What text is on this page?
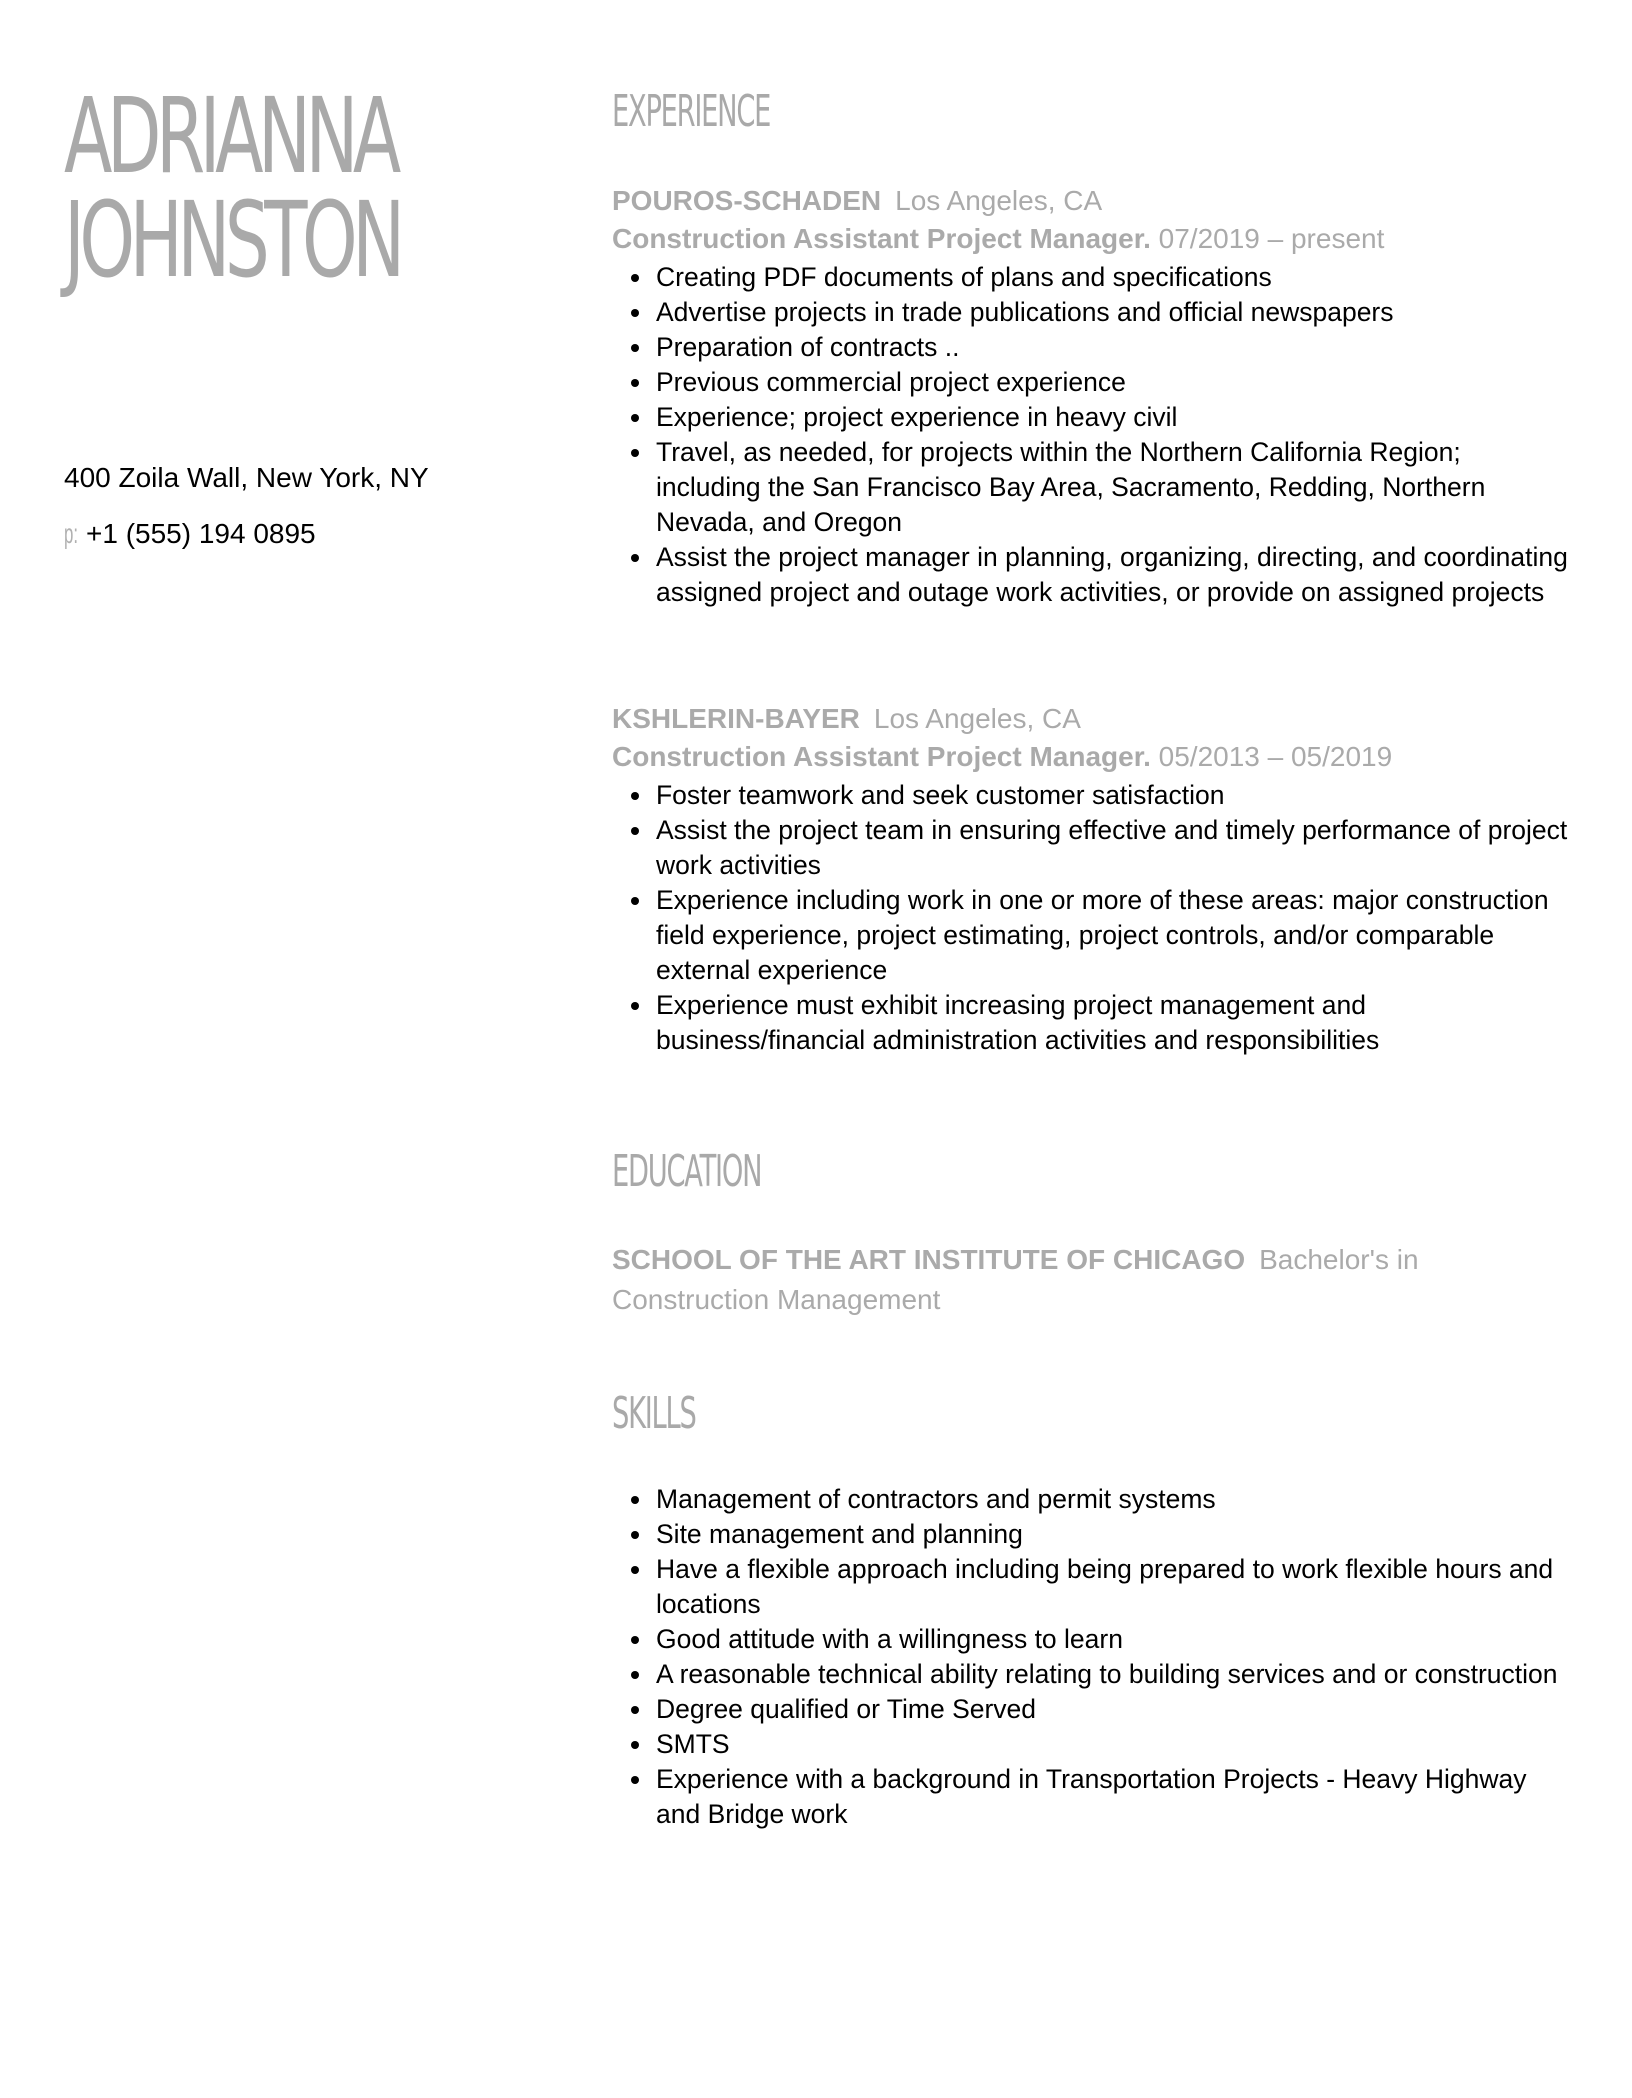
ADRIANNA

JOHNSTON

400 Zoila Wall, New York, NY

p: +1 (555) 194 0895

EXPERIENCE

POUROS-SCHADEN Los Angeles, CA

Construction Assistant Project Manager. 07/2019 – present

• Creating PDF documents of plans and specifications
• Advertise projects in trade publications and official newspapers
• Preparation of contracts ..
• Previous commercial project experience
• Experience; project experience in heavy civil
• Travel, as needed, for projects within the Northern California Region; including the San Francisco Bay Area, Sacramento, Redding, Northern Nevada, and Oregon
• Assist the project manager in planning, organizing, directing, and coordinating assigned project and outage work activities, or provide on assigned projects

KSHLERIN-BAYER Los Angeles, CA

Construction Assistant Project Manager. 05/2013 – 05/2019

• Foster teamwork and seek customer satisfaction
• Assist the project team in ensuring effective and timely performance of project work activities
• Experience including work in one or more of these areas: major construction field experience, project estimating, project controls, and/or comparable external experience
• Experience must exhibit increasing project management and business/financial administration activities and responsibilities

EDUCATION

SCHOOL OF THE ART INSTITUTE OF CHICAGO Bachelor's in Construction Management

SKILLS

• Management of contractors and permit systems
• Site management and planning
• Have a flexible approach including being prepared to work flexible hours and locations
• Good attitude with a willingness to learn
• A reasonable technical ability relating to building services and or construction
• Degree qualified or Time Served
• SMTS
• Experience with a background in Transportation Projects - Heavy Highway and Bridge work
